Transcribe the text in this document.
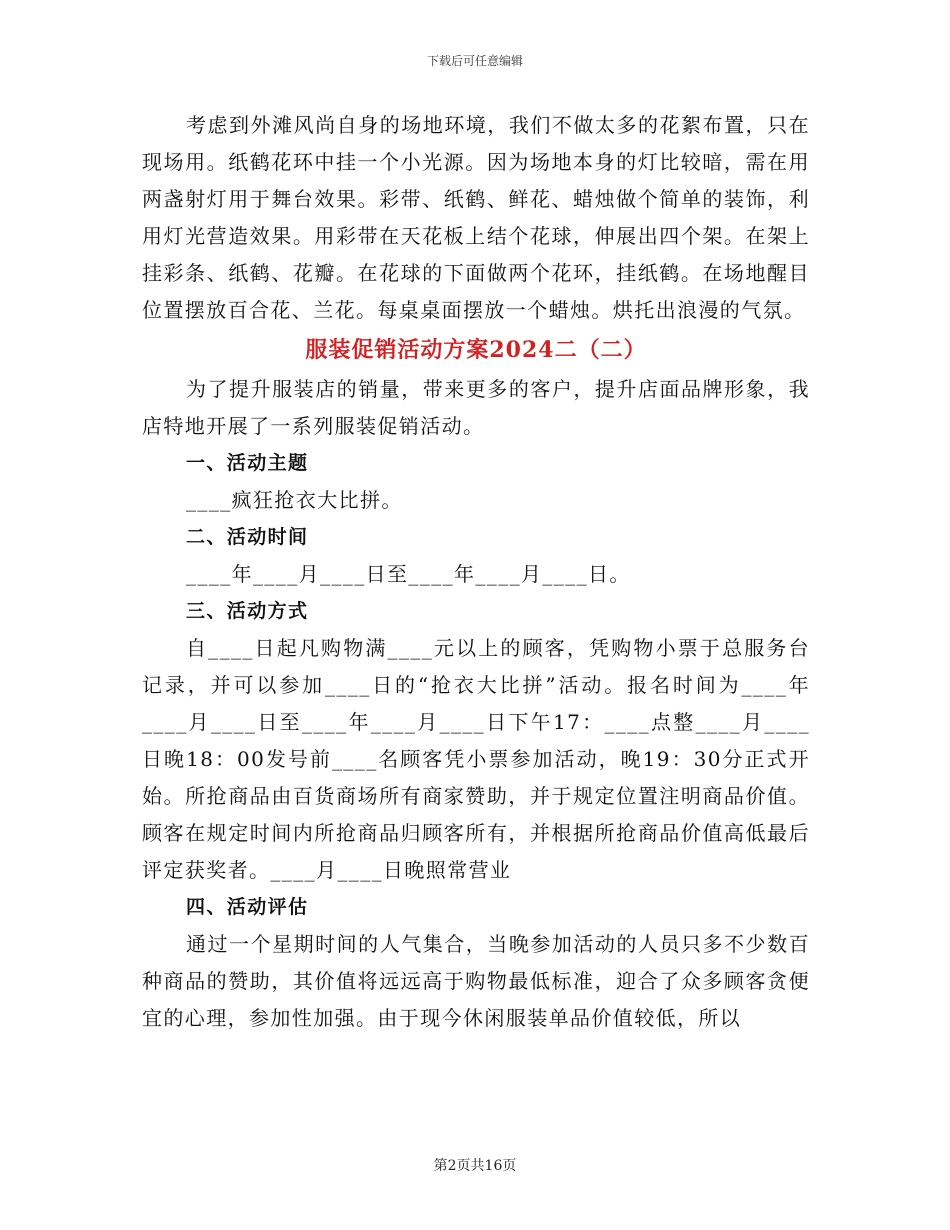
下载后可任意编辑

考虑到外滩风尚自身的场地环境，我们不做太多的花絮布置，只在现场用。纸鹤花环中挂一个小光源。因为场地本身的灯比较暗，需在用两盏射灯用于舞台效果。彩带、纸鹤、鲜花、蜡烛做个简单的装饰，利用灯光营造效果。用彩带在天花板上结个花球，伸展出四个架。在架上挂彩条、纸鹤、花瓣。在花球的下面做两个花环，挂纸鹤。在场地醒目位置摆放百合花、兰花。每桌桌面摆放一个蜡烛。烘托出浪漫的气氛。

服装促销活动方案2024二（二）

为了提升服装店的销量，带来更多的客户，提升店面品牌形象，我店特地开展了一系列服装促销活动。

一、活动主题

____疯狂抢衣大比拼。

二、活动时间

____年____月____日至____年____月____日。

三、活动方式

自____日起凡购物满____元以上的顾客，凭购物小票于总服务台记录，并可以参加____日的“抢衣大比拼”活动。报名时间为____年____月____日至____年____月____日下午17：____点整____月____日晚18：00发号前____名顾客凭小票参加活动，晚19：30分正式开始。所抢商品由百货商场所有商家赞助，并于规定位置注明商品价值。顾客在规定时间内所抢商品归顾客所有，并根据所抢商品价值高低最后评定获奖者。____月____日晚照常营业

四、活动评估

通过一个星期时间的人气集合，当晚参加活动的人员只多不少数百种商品的赞助，其价值将远远高于购物最低标准，迎合了众多顾客贪便宜的心理，参加性加强。由于现今休闲服装单品价值较低，所以

第2页共16页
